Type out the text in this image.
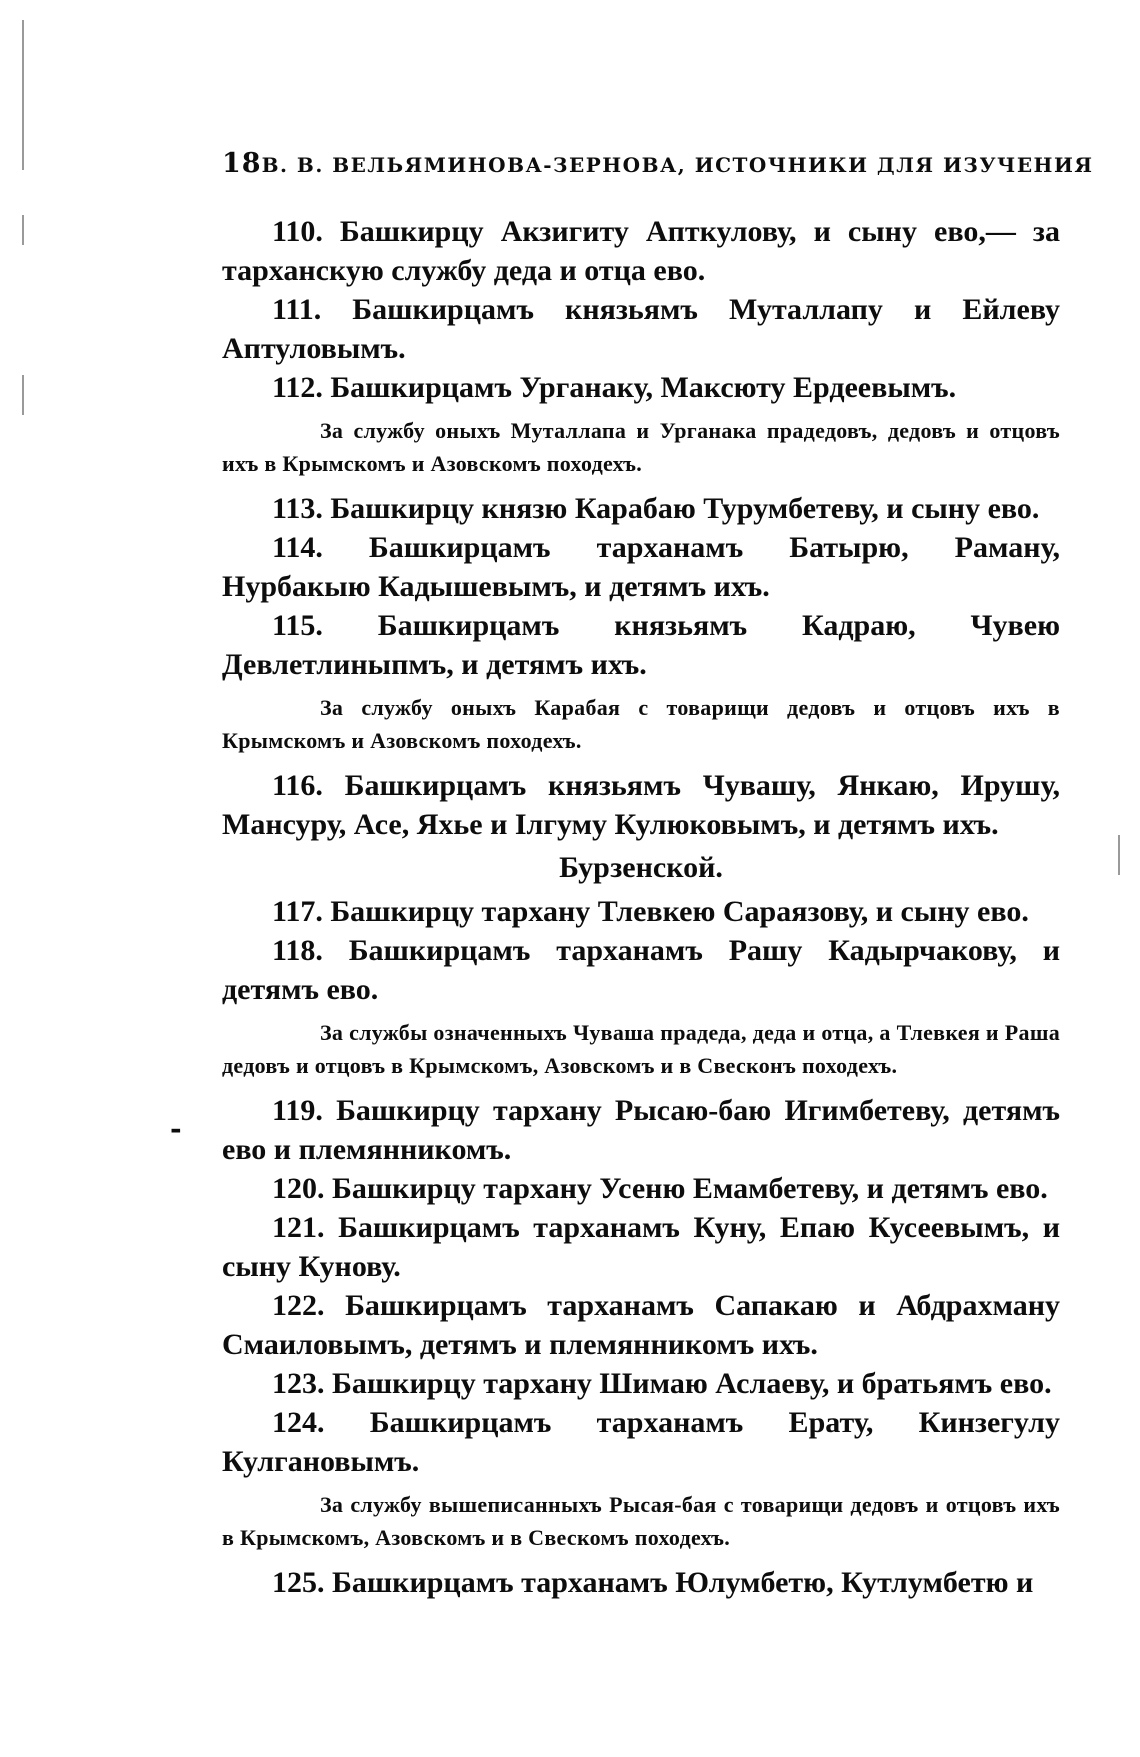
-
18 В. В. ВЕЛЬЯМИНОВА-ЗЕРНОВА, ИСТОЧНИКИ ДЛЯ ИЗУЧЕНИЯ

110. Башкирцу Акзигиту Апткулову, и сыну ево,— за тарханскую службу деда и отца ево.

111. Башкирцамъ князьямъ Муталлапу и Ейлеву Аптуловымъ.

112. Башкирцамъ Урганаку, Максюту Ердеевымъ.

За службу оныхъ Муталлапа и Урганака прадедовъ, дедовъ и отцовъ ихъ в Крымскомъ и Азовскомъ походехъ.

113. Башкирцу князю Карабаю Турумбетеву, и сыну ево.

114. Башкирцамъ тарханамъ Батырю, Раману, Нурбакыю Кадышевымъ, и детямъ ихъ.

115. Башкирцамъ князьямъ Кадраю, Чувею Девлетлиныпмъ, и детямъ ихъ.

За службу оныхъ Карабая с товарищи дедовъ и отцовъ ихъ в Крымскомъ и Азовскомъ походехъ.

116. Башкирцамъ князьямъ Чувашу, Янкаю, Ирушу, Мансуру, Асе, Яхье и Ілгуму Кулюковымъ, и детямъ ихъ.

Бурзенской.

117. Башкирцу тархану Тлевкею Сараязову, и сыну ево.

118. Башкирцамъ тарханамъ Рашу Кадырчакову, и детямъ ево.

За службы означенныхъ Чуваша прадеда, деда и отца, а Тлевкея и Раша дедовъ и отцовъ в Крымскомъ, Азовскомъ и в Свесконъ походехъ.

119. Башкирцу тархану Рысаю-баю Игимбетеву, детямъ ево и племянникомъ.

120. Башкирцу тархану Усеню Емамбетеву, и детямъ ево.

121. Башкирцамъ тарханамъ Куну, Епаю Кусеевымъ, и сыну Кунову.

122. Башкирцамъ тарханамъ Сапакаю и Абдрахману Смаиловымъ, детямъ и племянникомъ ихъ.

123. Башкирцу тархану Шимаю Аслаеву, и братьямъ ево.

124. Башкирцамъ тарханамъ Ерату, Кинзегулу Кулгановымъ.

За службу вышеписанныхъ Рысая-бая с товарищи дедовъ и отцовъ ихъ в Крымскомъ, Азовскомъ и в Свескомъ походехъ.

125. Башкирцамъ тарханамъ Юлумбетю, Кутлумбетю и
